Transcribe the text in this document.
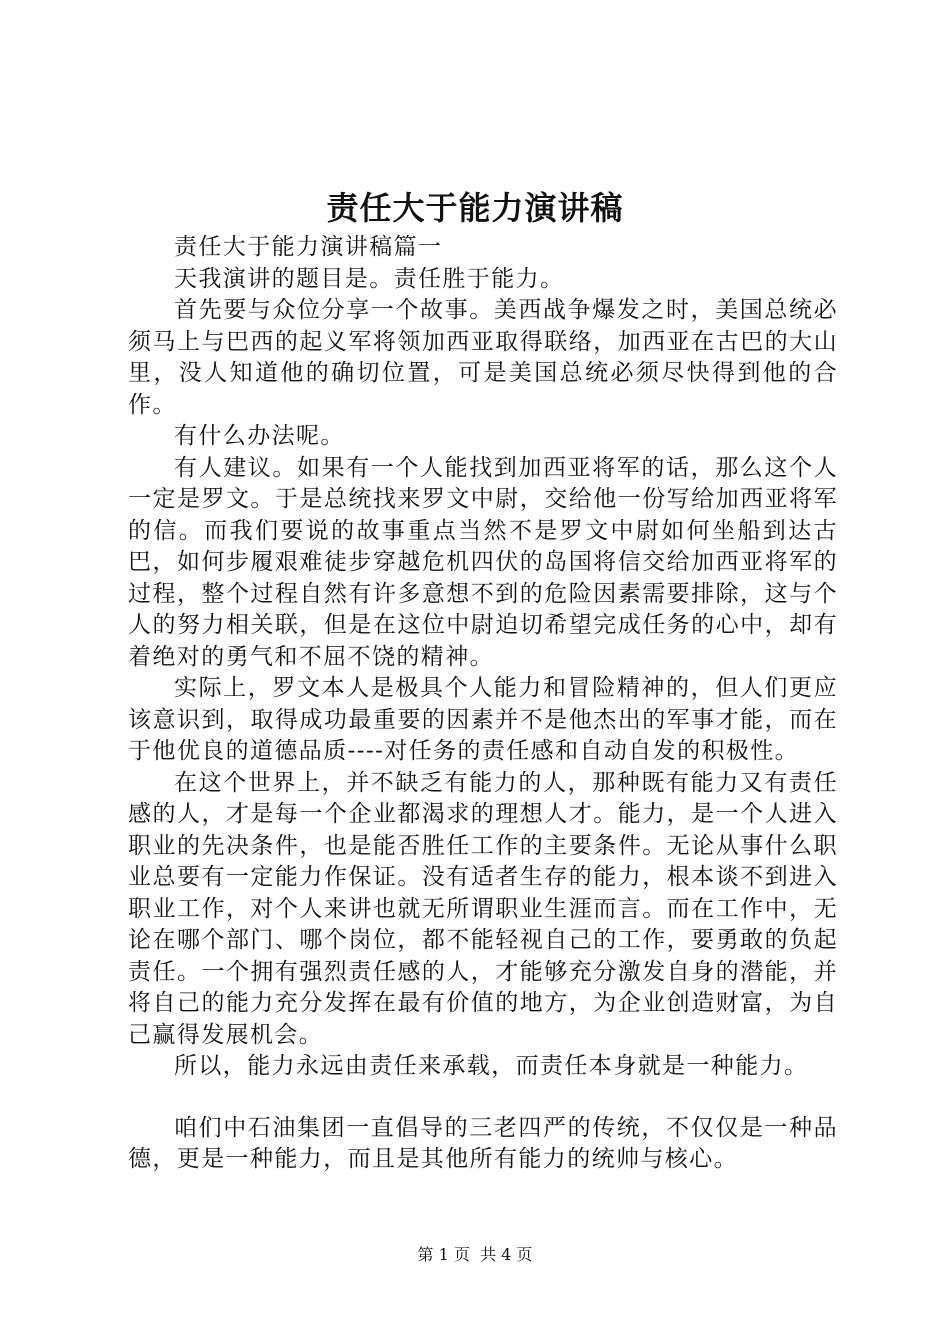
责任大于能力演讲稿

责任大于能力演讲稿篇一

天我演讲的题目是。责任胜于能力。

首先要与众位分享一个故事。美西战争爆发之时，美国总统必须马上与巴西的起义军将领加西亚取得联络，加西亚在古巴的大山里，没人知道他的确切位置，可是美国总统必须尽快得到他的合作。

有什么办法呢。

有人建议。如果有一个人能找到加西亚将军的话，那么这个人一定是罗文。于是总统找来罗文中尉，交给他一份写给加西亚将军的信。而我们要说的故事重点当然不是罗文中尉如何坐船到达古巴，如何步履艰难徒步穿越危机四伏的岛国将信交给加西亚将军的过程，整个过程自然有许多意想不到的危险因素需要排除，这与个人的努力相关联，但是在这位中尉迫切希望完成任务的心中，却有着绝对的勇气和不屈不饶的精神。

实际上，罗文本人是极具个人能力和冒险精神的，但人们更应该意识到，取得成功最重要的因素并不是他杰出的军事才能，而在于他优良的道德品质----对任务的责任感和自动自发的积极性。

在这个世界上，并不缺乏有能力的人，那种既有能力又有责任感的人，才是每一个企业都渴求的理想人才。能力，是一个人进入职业的先决条件，也是能否胜任工作的主要条件。无论从事什么职业总要有一定能力作保证。没有适者生存的能力，根本谈不到进入职业工作，对个人来讲也就无所谓职业生涯而言。而在工作中，无论在哪个部门、哪个岗位，都不能轻视自己的工作，要勇敢的负起责任。一个拥有强烈责任感的人，才能够充分激发自身的潜能，并将自己的能力充分发挥在最有价值的地方，为企业创造财富，为自己赢得发展机会。

所以，能力永远由责任来承载，而责任本身就是一种能力。

咱们中石油集团一直倡导的三老四严的传统，不仅仅是一种品德，更是一种能力，而且是其他所有能力的统帅与核心。

第 1 页  共 4 页
